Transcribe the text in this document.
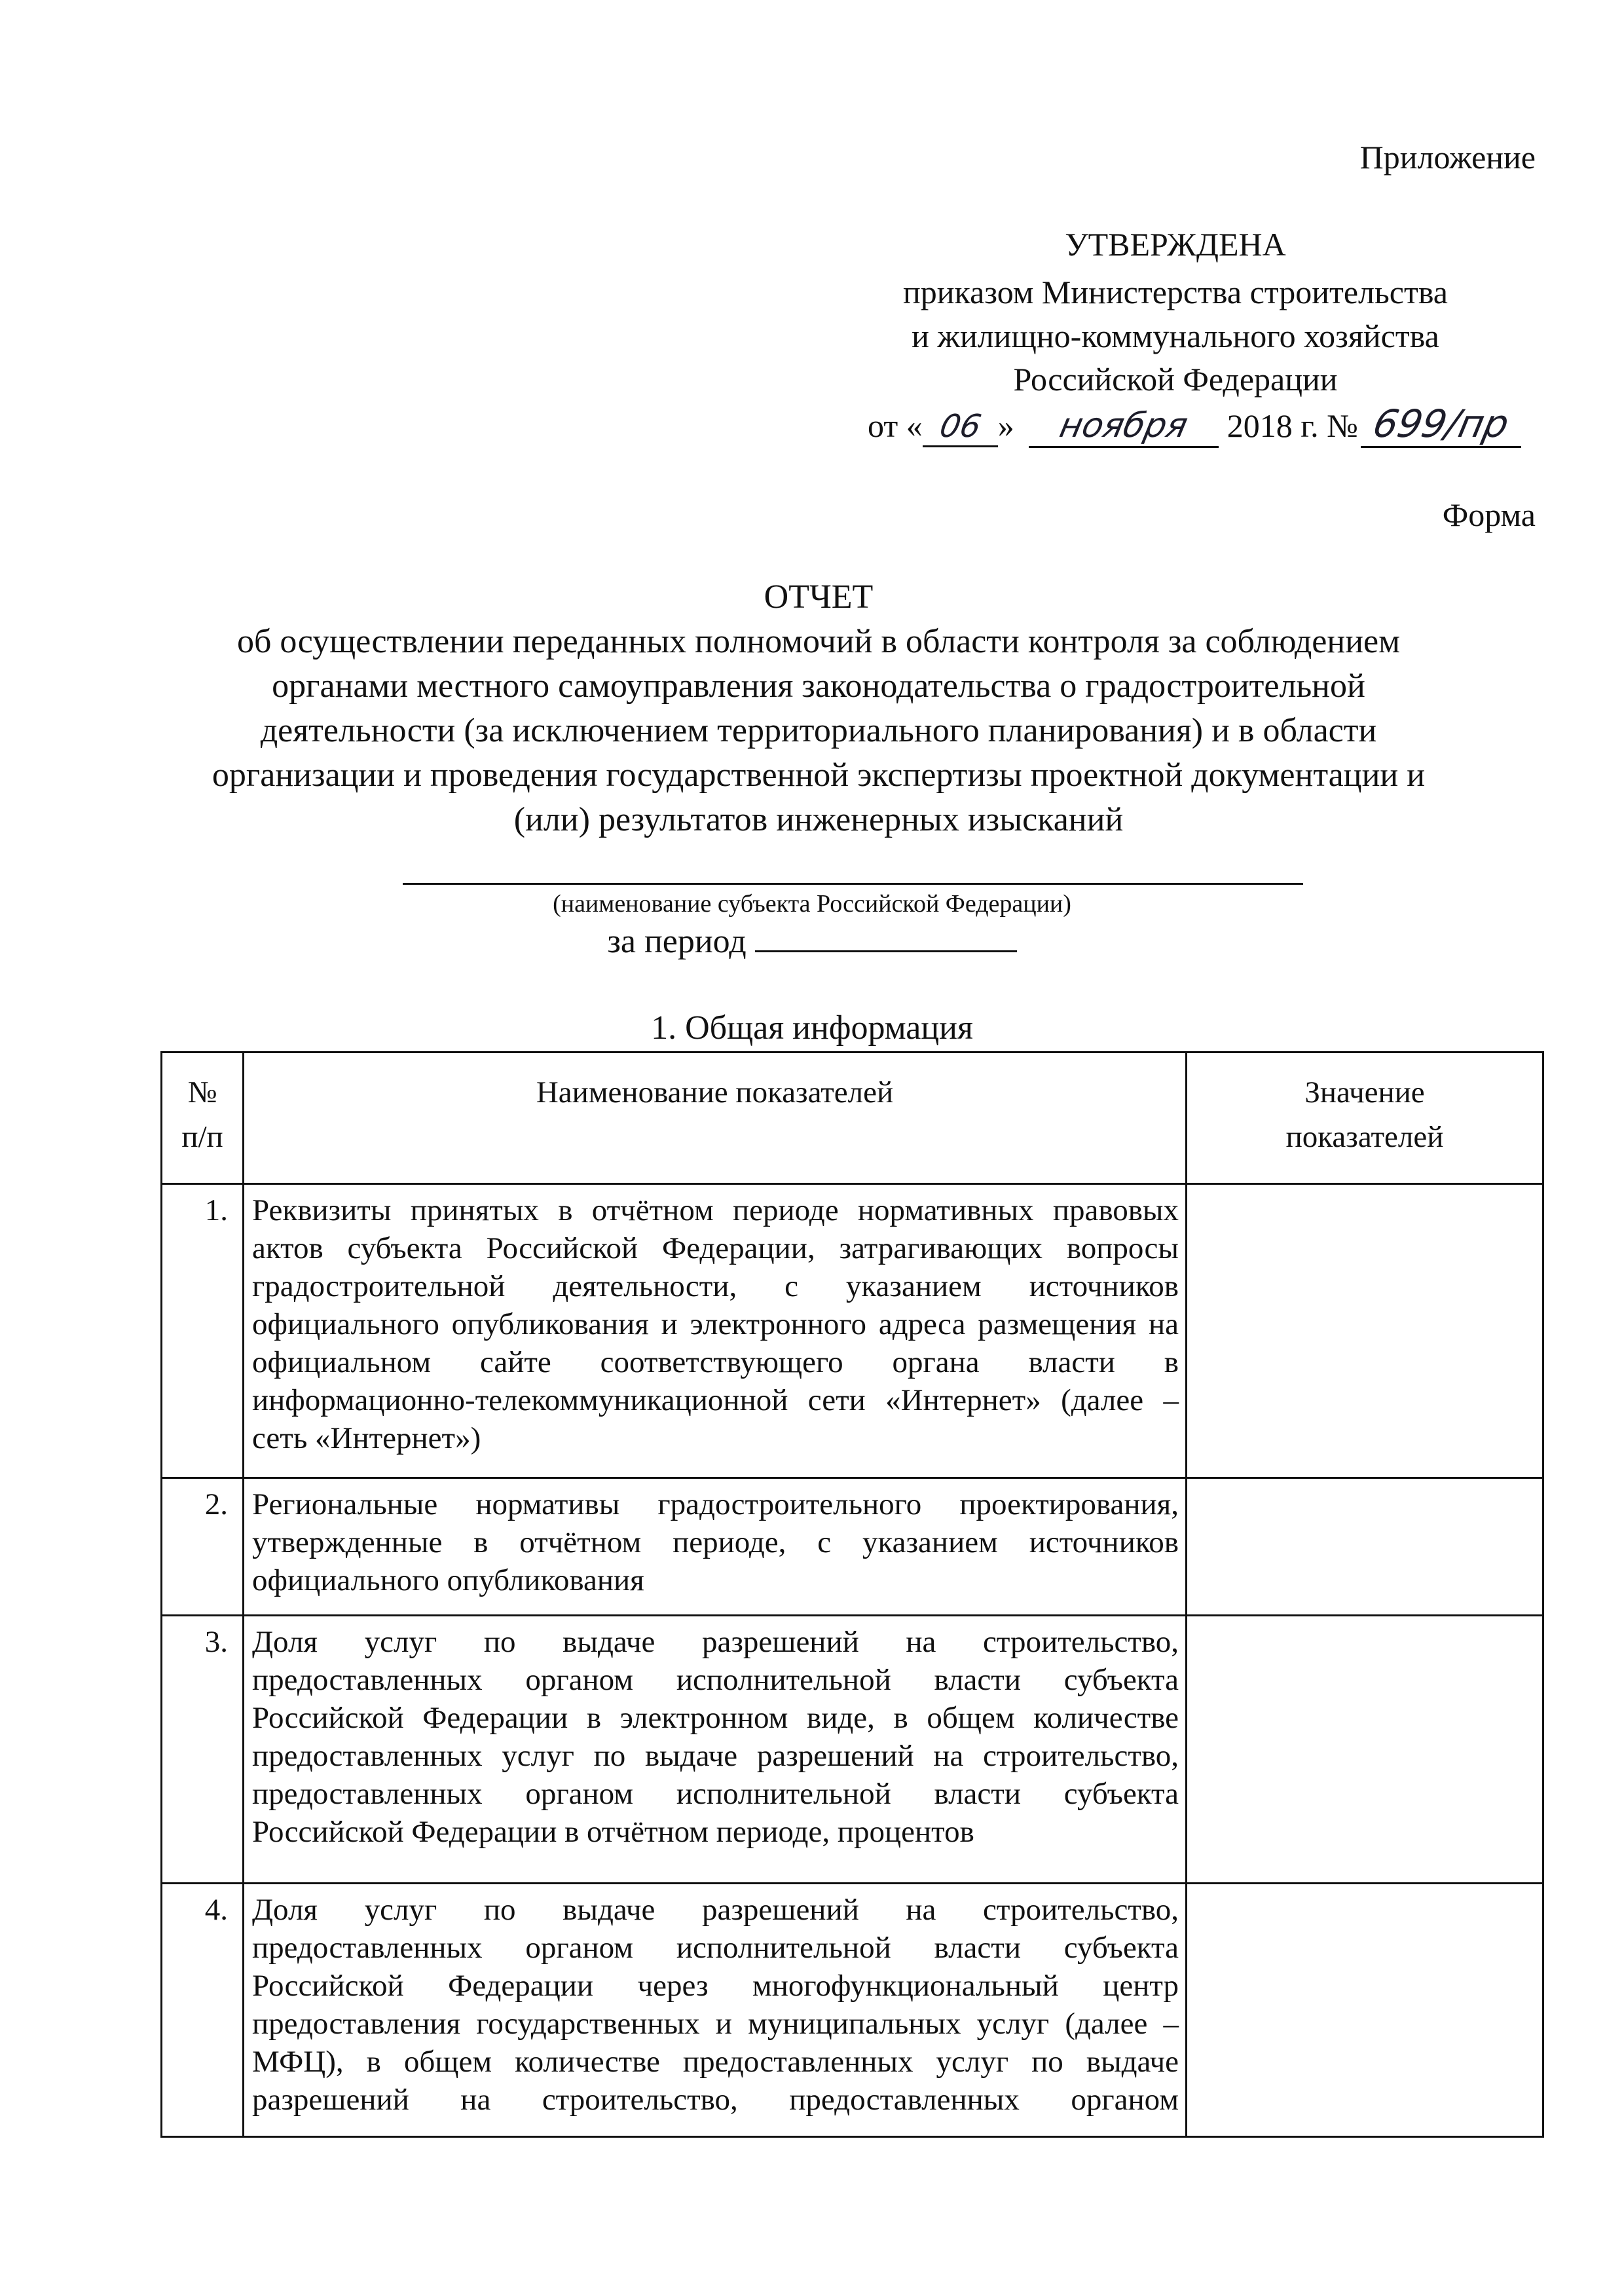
Приложение
УТВЕРЖДЕНА
приказом Министерства строительства
и жилищно-коммунального хозяйства
Российской Федерации
от « 06 » ноября 2018 г. № 699/пр
Форма
ОТЧЕТ
об осуществлении переданных полномочий в области контроля за соблюдением
органами местного самоуправления законодательства о градостроительной
деятельности (за исключением территориального планирования) и в области
организации и проведения государственной экспертизы проектной документации и
(или) результатов инженерных изысканий
(наименование субъекта Российской Федерации)
за период
1. Общая информация
№ п/п	Наименование показателей	Значение показателей
1.	Реквизиты принятых в отчётном периоде нормативных правовых актов субъекта Российской Федерации, затрагивающих вопросы градостроительной деятельности, с указанием источников официального опубликования и электронного адреса размещения на официальном сайте соответствующего органа власти в информационно-телекоммуникационной сети «Интернет» (далее – сеть «Интернет»)	
2.	Региональные нормативы градостроительного проектирования, утвержденные в отчётном периоде, с указанием источников официального опубликования	
3.	Доля услуг по выдаче разрешений на строительство, предоставленных органом исполнительной власти субъекта Российской Федерации в электронном виде, в общем количестве предоставленных услуг по выдаче разрешений на строительство, предоставленных органом исполнительной власти субъекта Российской Федерации в отчётном периоде, процентов	
4.	Доля услуг по выдаче разрешений на строительство, предоставленных органом исполнительной власти субъекта Российской Федерации через многофункциональный центр предоставления государственных и муниципальных услуг (далее – МФЦ), в общем количестве предоставленных услуг по выдаче разрешений на строительство, предоставленных органом	
